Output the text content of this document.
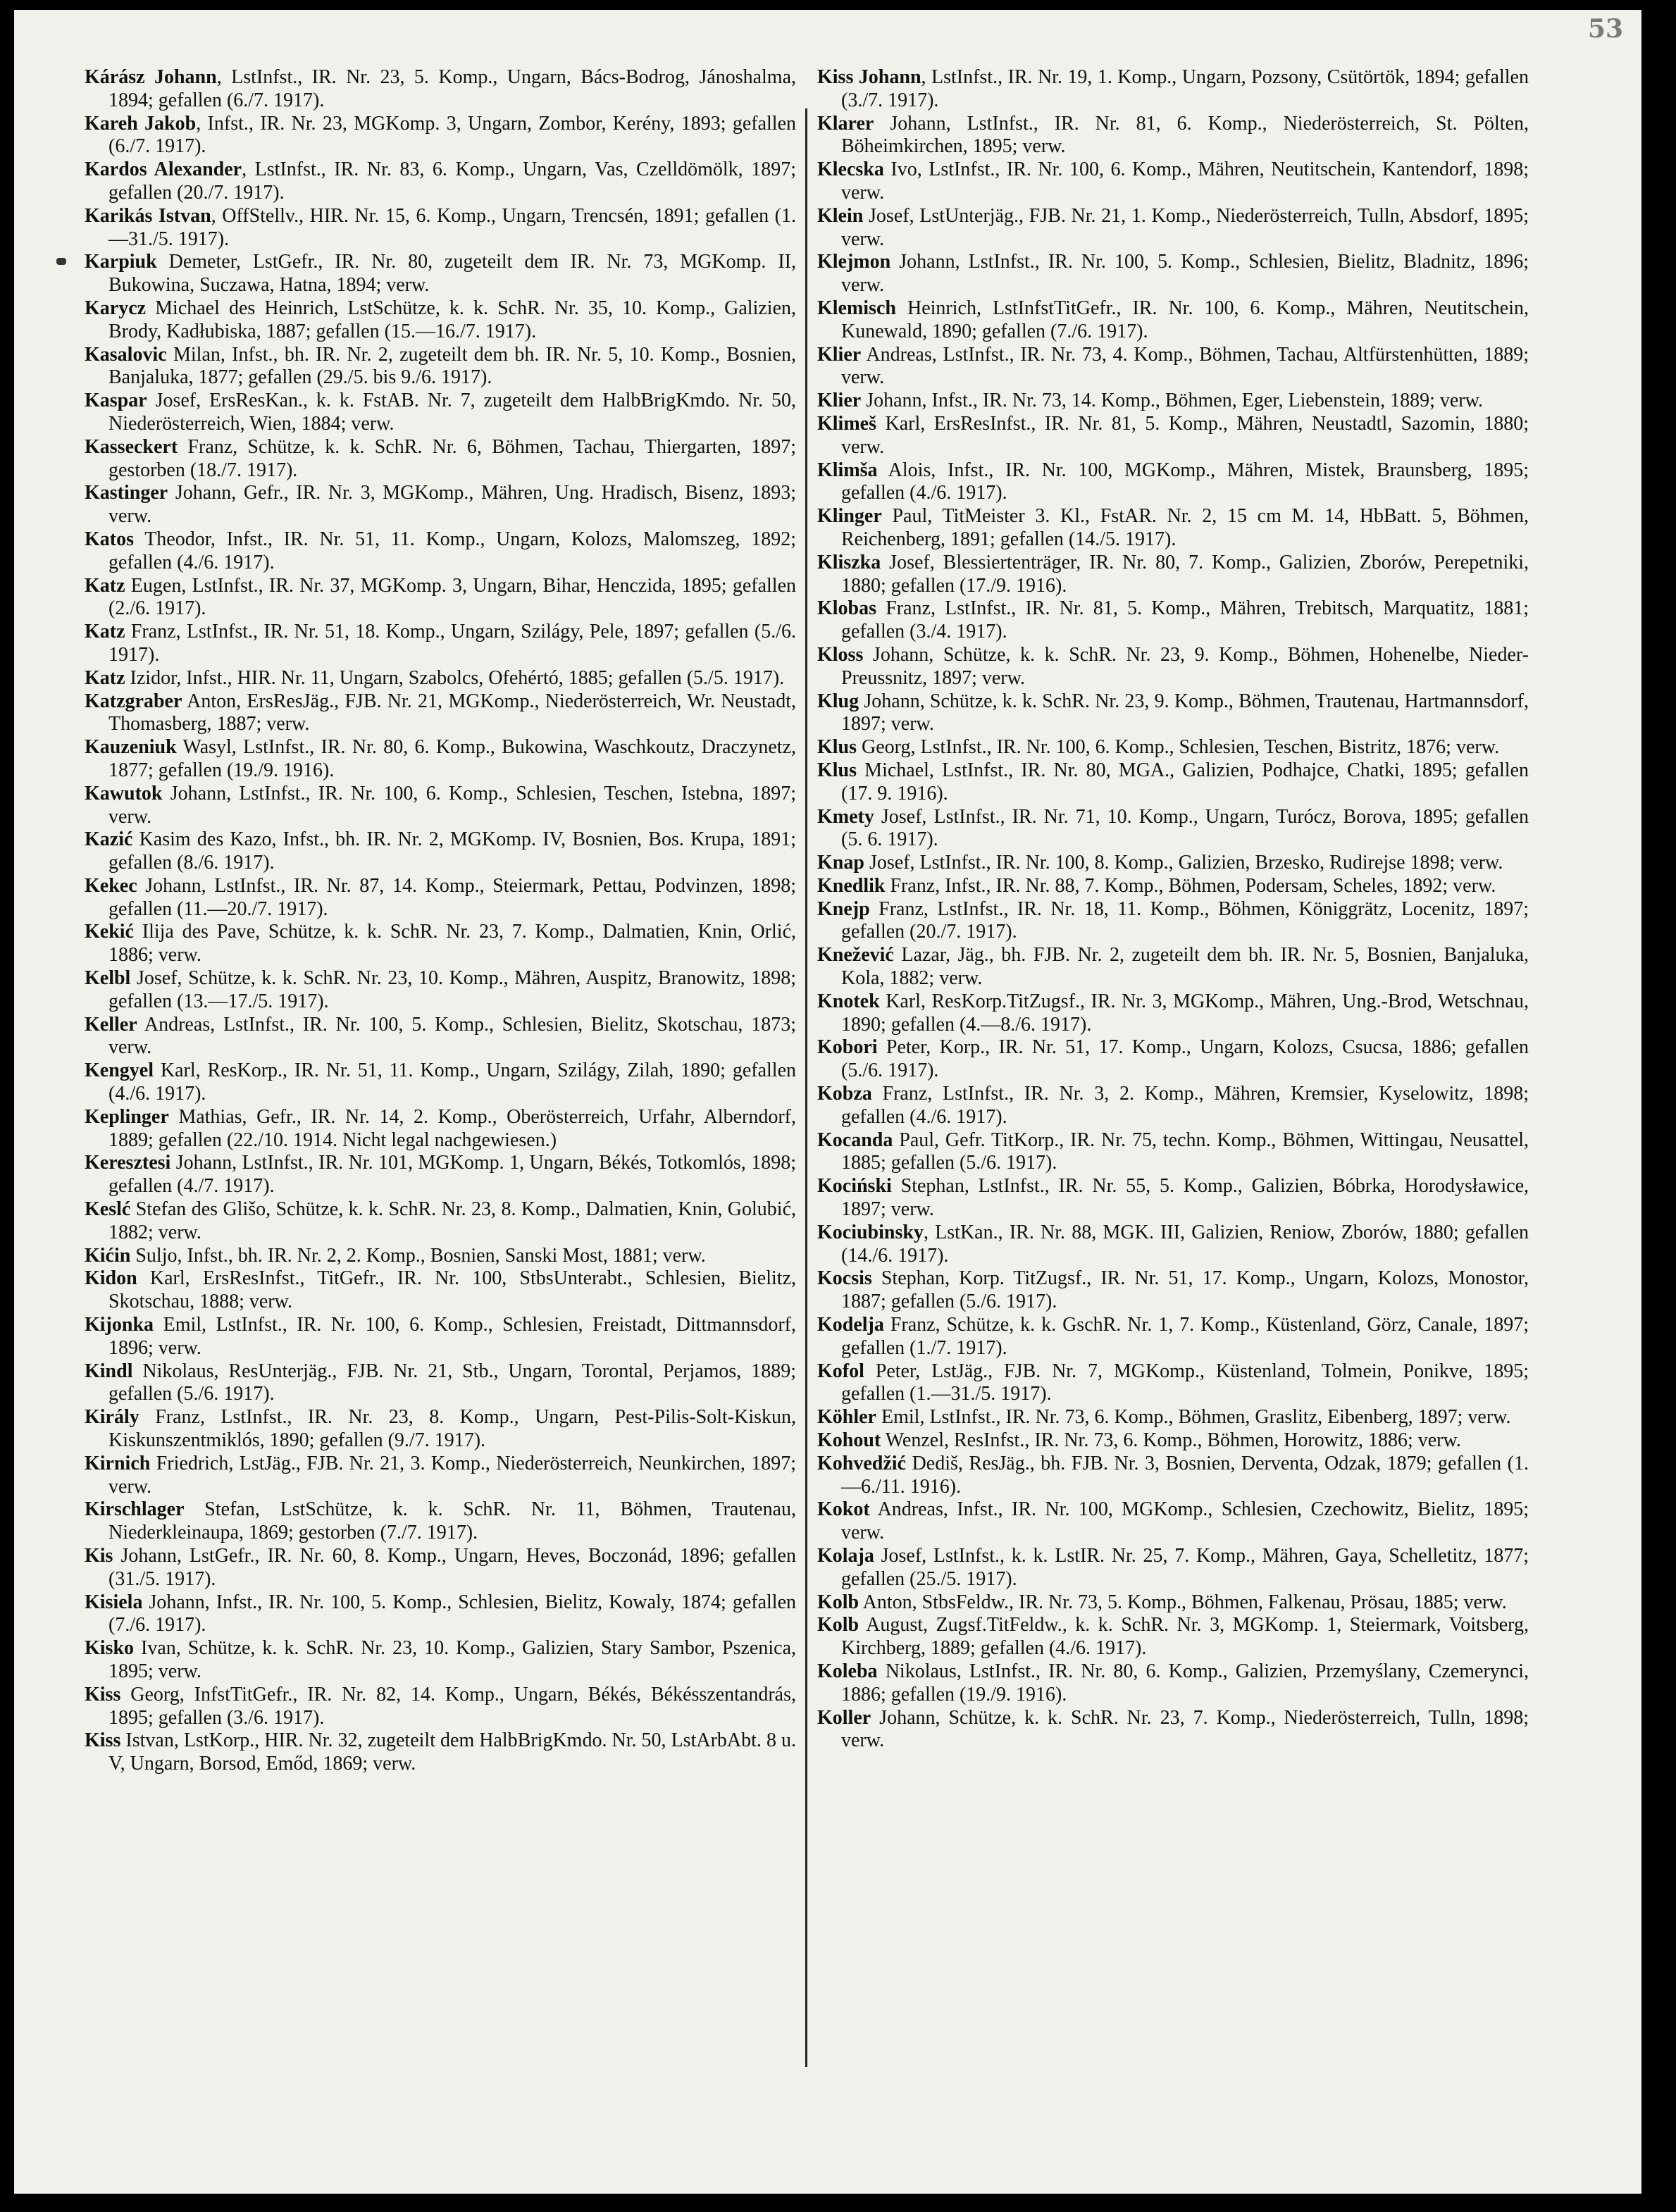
53

Kárász Johann, LstInfst., IR. Nr. 23, 5. Komp., Ungarn, Bács-Bodrog, Jánoshalma, 1894; gefallen (6./7. 1917).

Kareh Jakob, Infst., IR. Nr. 23, MGKomp. 3, Ungarn, Zombor, Kerény, 1893; gefallen (6./7. 1917).

Kardos Alexander, LstInfst., IR. Nr. 83, 6. Komp., Ungarn, Vas, Czelldömölk, 1897; gefallen (20./7. 1917).

Karikás Istvan, OffStellv., HIR. Nr. 15, 6. Komp., Ungarn, Trencsén, 1891; gefallen (1.—31./5. 1917).

Karpiuk Demeter, LstGefr., IR. Nr. 80, zugeteilt dem IR. Nr. 73, MGKomp. II, Bukowina, Suczawa, Hatna, 1894; verw.

Karycz Michael des Heinrich, LstSchütze, k. k. SchR. Nr. 35, 10. Komp., Galizien, Brody, Kadłubiska, 1887; gefallen (15.—16./7. 1917).

Kasalovic Milan, Infst., bh. IR. Nr. 2, zugeteilt dem bh. IR. Nr. 5, 10. Komp., Bosnien, Banjaluka, 1877; gefallen (29./5. bis 9./6. 1917).

Kaspar Josef, ErsResKan., k. k. FstAB. Nr. 7, zugeteilt dem HalbBrigKmdo. Nr. 50, Niederösterreich, Wien, 1884; verw.

Kasseckert Franz, Schütze, k. k. SchR. Nr. 6, Böhmen, Tachau, Thiergarten, 1897; gestorben (18./7. 1917).

Kastinger Johann, Gefr., IR. Nr. 3, MGKomp., Mähren, Ung. Hradisch, Bisenz, 1893; verw.

Katos Theodor, Infst., IR. Nr. 51, 11. Komp., Ungarn, Kolozs, Malomszeg, 1892; gefallen (4./6. 1917).

Katz Eugen, LstInfst., IR. Nr. 37, MGKomp. 3, Ungarn, Bihar, Henczida, 1895; gefallen (2./6. 1917).

Katz Franz, LstInfst., IR. Nr. 51, 18. Komp., Ungarn, Szilágy, Pele, 1897; gefallen (5./6. 1917).

Katz Izidor, Infst., HIR. Nr. 11, Ungarn, Szabolcs, Ofehértó, 1885; gefallen (5./5. 1917).

Katzgraber Anton, ErsResJäg., FJB. Nr. 21, MGKomp., Niederösterreich, Wr. Neustadt, Thomasberg, 1887; verw.

Kauzeniuk Wasyl, LstInfst., IR. Nr. 80, 6. Komp., Bukowina, Waschkoutz, Draczynetz, 1877; gefallen (19./9. 1916).

Kawutok Johann, LstInfst., IR. Nr. 100, 6. Komp., Schlesien, Teschen, Istebna, 1897; verw.

Kazić Kasim des Kazo, Infst., bh. IR. Nr. 2, MGKomp. IV, Bosnien, Bos. Krupa, 1891; gefallen (8./6. 1917).

Kekec Johann, LstInfst., IR. Nr. 87, 14. Komp., Steiermark, Pettau, Podvinzen, 1898; gefallen (11.—20./7. 1917).

Kekić Ilija des Pave, Schütze, k. k. SchR. Nr. 23, 7. Komp., Dalmatien, Knin, Orlić, 1886; verw.

Kelbl Josef, Schütze, k. k. SchR. Nr. 23, 10. Komp., Mähren, Auspitz, Branowitz, 1898; gefallen (13.—17./5. 1917).

Keller Andreas, LstInfst., IR. Nr. 100, 5. Komp., Schlesien, Bielitz, Skotschau, 1873; verw.

Kengyel Karl, ResKorp., IR. Nr. 51, 11. Komp., Ungarn, Szilágy, Zilah, 1890; gefallen (4./6. 1917).

Keplinger Mathias, Gefr., IR. Nr. 14, 2. Komp., Oberösterreich, Urfahr, Alberndorf, 1889; gefallen (22./10. 1914. Nicht legal nachgewiesen.)

Keresztesi Johann, LstInfst., IR. Nr. 101, MGKomp. 1, Ungarn, Békés, Totkomlós, 1898; gefallen (4./7. 1917).

Keslć Stefan des Glišo, Schütze, k. k. SchR. Nr. 23, 8. Komp., Dalmatien, Knin, Golubić, 1882; verw.

Kićin Suljo, Infst., bh. IR. Nr. 2, 2. Komp., Bosnien, Sanski Most, 1881; verw.

Kidon Karl, ErsResInfst., TitGefr., IR. Nr. 100, StbsUnterabt., Schlesien, Bielitz, Skotschau, 1888; verw.

Kijonka Emil, LstInfst., IR. Nr. 100, 6. Komp., Schlesien, Freistadt, Dittmannsdorf, 1896; verw.

Kindl Nikolaus, ResUnterjäg., FJB. Nr. 21, Stb., Ungarn, Torontal, Perjamos, 1889; gefallen (5./6. 1917).

Király Franz, LstInfst., IR. Nr. 23, 8. Komp., Ungarn, Pest-Pilis-Solt-Kiskun, Kiskunszentmiklós, 1890; gefallen (9./7. 1917).

Kirnich Friedrich, LstJäg., FJB. Nr. 21, 3. Komp., Niederösterreich, Neunkirchen, 1897; verw.

Kirschlager Stefan, LstSchütze, k. k. SchR. Nr. 11, Böhmen, Trautenau, Niederkleinaupa, 1869; gestorben (7./7. 1917).

Kis Johann, LstGefr., IR. Nr. 60, 8. Komp., Ungarn, Heves, Boczonád, 1896; gefallen (31./5. 1917).

Kisiela Johann, Infst., IR. Nr. 100, 5. Komp., Schlesien, Bielitz, Kowaly, 1874; gefallen (7./6. 1917).

Kisko Ivan, Schütze, k. k. SchR. Nr. 23, 10. Komp., Galizien, Stary Sambor, Pszenica, 1895; verw.

Kiss Georg, InfstTitGefr., IR. Nr. 82, 14. Komp., Ungarn, Békés, Békésszentandrás, 1895; gefallen (3./6. 1917).

Kiss Istvan, LstKorp., HIR. Nr. 32, zugeteilt dem HalbBrigKmdo. Nr. 50, LstArbAbt. 8 u. V, Ungarn, Borsod, Emőd, 1869; verw.

Kiss Johann, LstInfst., IR. Nr. 19, 1. Komp., Ungarn, Pozsony, Csütörtök, 1894; gefallen (3./7. 1917).

Klarer Johann, LstInfst., IR. Nr. 81, 6. Komp., Niederösterreich, St. Pölten, Böheimkirchen, 1895; verw.

Klecska Ivo, LstInfst., IR. Nr. 100, 6. Komp., Mähren, Neutitschein, Kantendorf, 1898; verw.

Klein Josef, LstUnterjäg., FJB. Nr. 21, 1. Komp., Niederösterreich, Tulln, Absdorf, 1895; verw.

Klejmon Johann, LstInfst., IR. Nr. 100, 5. Komp., Schlesien, Bielitz, Bladnitz, 1896; verw.

Klemisch Heinrich, LstInfstTitGefr., IR. Nr. 100, 6. Komp., Mähren, Neutitschein, Kunewald, 1890; gefallen (7./6. 1917).

Klier Andreas, LstInfst., IR. Nr. 73, 4. Komp., Böhmen, Tachau, Altfürstenhütten, 1889; verw.

Klier Johann, Infst., IR. Nr. 73, 14. Komp., Böhmen, Eger, Liebenstein, 1889; verw.

Klimeš Karl, ErsResInfst., IR. Nr. 81, 5. Komp., Mähren, Neustadtl, Sazomin, 1880; verw.

Klimša Alois, Infst., IR. Nr. 100, MGKomp., Mähren, Mistek, Braunsberg, 1895; gefallen (4./6. 1917).

Klinger Paul, TitMeister 3. Kl., FstAR. Nr. 2, 15 cm M. 14, HbBatt. 5, Böhmen, Reichenberg, 1891; gefallen (14./5. 1917).

Kliszka Josef, Blessiertenträger, IR. Nr. 80, 7. Komp., Galizien, Zborów, Perepetniki, 1880; gefallen (17./9. 1916).

Klobas Franz, LstInfst., IR. Nr. 81, 5. Komp., Mähren, Trebitsch, Marquatitz, 1881; gefallen (3./4. 1917).

Kloss Johann, Schütze, k. k. SchR. Nr. 23, 9. Komp., Böhmen, Hohenelbe, Nieder-Preussnitz, 1897; verw.

Klug Johann, Schütze, k. k. SchR. Nr. 23, 9. Komp., Böhmen, Trautenau, Hartmannsdorf, 1897; verw.

Klus Georg, LstInfst., IR. Nr. 100, 6. Komp., Schlesien, Teschen, Bistritz, 1876; verw.

Klus Michael, LstInfst., IR. Nr. 80, MGA., Galizien, Podhajce, Chatki, 1895; gefallen (17. 9. 1916).

Kmety Josef, LstInfst., IR. Nr. 71, 10. Komp., Ungarn, Turócz, Borova, 1895; gefallen (5. 6. 1917).

Knap Josef, LstInfst., IR. Nr. 100, 8. Komp., Galizien, Brzesko, Rudirejse 1898; verw.

Knedlik Franz, Infst., IR. Nr. 88, 7. Komp., Böhmen, Podersam, Scheles, 1892; verw.

Knejp Franz, LstInfst., IR. Nr. 18, 11. Komp., Böhmen, Königgrätz, Locenitz, 1897; gefallen (20./7. 1917).

Knežević Lazar, Jäg., bh. FJB. Nr. 2, zugeteilt dem bh. IR. Nr. 5, Bosnien, Banjaluka, Kola, 1882; verw.

Knotek Karl, ResKorp.TitZugsf., IR. Nr. 3, MGKomp., Mähren, Ung.-Brod, Wetschnau, 1890; gefallen (4.—8./6. 1917).

Kobori Peter, Korp., IR. Nr. 51, 17. Komp., Ungarn, Kolozs, Csucsa, 1886; gefallen (5./6. 1917).

Kobza Franz, LstInfst., IR. Nr. 3, 2. Komp., Mähren, Kremsier, Kyselowitz, 1898; gefallen (4./6. 1917).

Kocanda Paul, Gefr. TitKorp., IR. Nr. 75, techn. Komp., Böhmen, Wittingau, Neusattel, 1885; gefallen (5./6. 1917).

Kociński Stephan, LstInfst., IR. Nr. 55, 5. Komp., Galizien, Bóbrka, Horodysławice, 1897; verw.

Kociubinsky, LstKan., IR. Nr. 88, MGK. III, Galizien, Reniow, Zborów, 1880; gefallen (14./6. 1917).

Kocsis Stephan, Korp. TitZugsf., IR. Nr. 51, 17. Komp., Ungarn, Kolozs, Monostor, 1887; gefallen (5./6. 1917).

Kodelja Franz, Schütze, k. k. GschR. Nr. 1, 7. Komp., Küstenland, Görz, Canale, 1897; gefallen (1./7. 1917).

Kofol Peter, LstJäg., FJB. Nr. 7, MGKomp., Küstenland, Tolmein, Ponikve, 1895; gefallen (1.—31./5. 1917).

Köhler Emil, LstInfst., IR. Nr. 73, 6. Komp., Böhmen, Graslitz, Eibenberg, 1897; verw.

Kohout Wenzel, ResInfst., IR. Nr. 73, 6. Komp., Böhmen, Horowitz, 1886; verw.

Kohvedžić Dediš, ResJäg., bh. FJB. Nr. 3, Bosnien, Derventa, Odzak, 1879; gefallen (1.—6./11. 1916).

Kokot Andreas, Infst., IR. Nr. 100, MGKomp., Schlesien, Czechowitz, Bielitz, 1895; verw.

Kolaja Josef, LstInfst., k. k. LstIR. Nr. 25, 7. Komp., Mähren, Gaya, Schelletitz, 1877; gefallen (25./5. 1917).

Kolb Anton, StbsFeldw., IR. Nr. 73, 5. Komp., Böhmen, Falkenau, Prösau, 1885; verw.

Kolb August, Zugsf.TitFeldw., k. k. SchR. Nr. 3, MGKomp. 1, Steiermark, Voitsberg, Kirchberg, 1889; gefallen (4./6. 1917).

Koleba Nikolaus, LstInfst., IR. Nr. 80, 6. Komp., Galizien, Przemyślany, Czemerynci, 1886; gefallen (19./9. 1916).

Koller Johann, Schütze, k. k. SchR. Nr. 23, 7. Komp., Niederösterreich, Tulln, 1898; verw.
